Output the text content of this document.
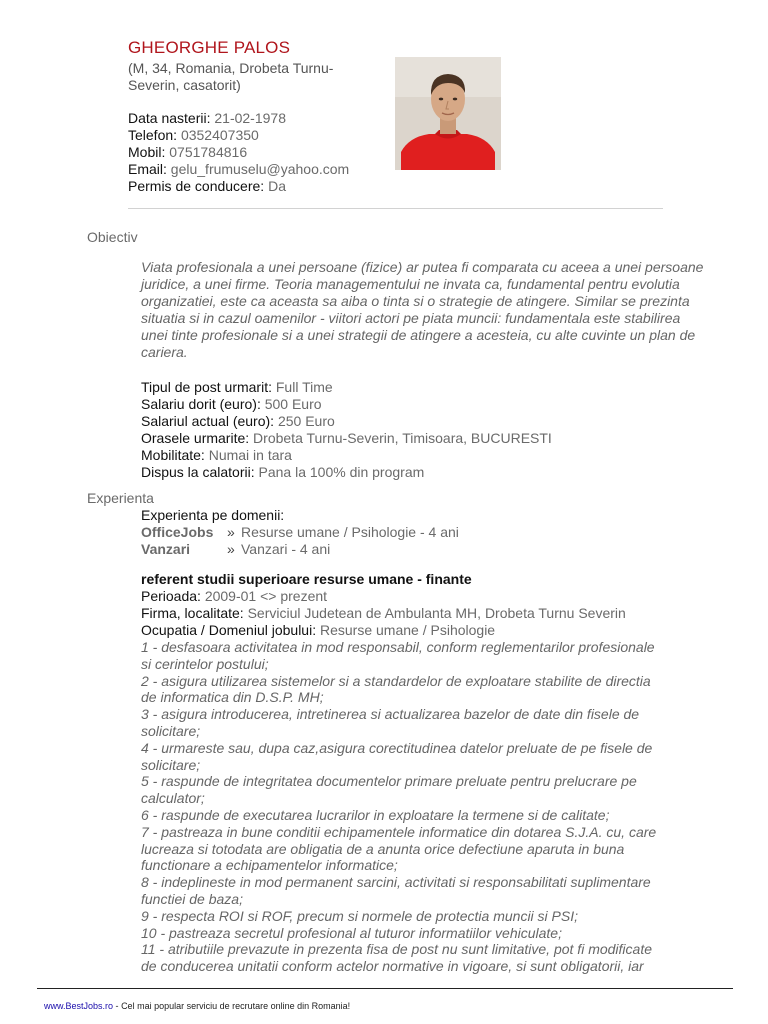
GHEORGHE PALOS
(M, 34, Romania, Drobeta Turnu-Severin, casatorit)
Data nasterii: 21-02-1978
Telefon: 0352407350
Mobil: 0751784816
Email: gelu_frumuselu@yahoo.com
Permis de conducere: Da
Obiectiv
Viata profesionala a unei persoane (fizice) ar putea fi comparata cu aceea a unei persoane juridice, a unei firme. Teoria managementului ne invata ca, fundamental pentru evolutia organizatiei, este ca aceasta sa aiba o tinta si o strategie de atingere. Similar se prezinta situatia si in cazul oamenilor - viitori actori pe piata muncii: fundamentala este stabilirea unei tinte profesionale si a unei strategii de atingere a acesteia, cu alte cuvinte un plan de cariera.
Tipul de post urmarit: Full Time
Salariu dorit (euro): 500 Euro
Salariul actual (euro): 250 Euro
Orasele urmarite: Drobeta Turnu-Severin, Timisoara, BUCURESTI
Mobilitate: Numai in tara
Dispus la calatorii: Pana la 100% din program
Experienta
Experienta pe domenii:
OfficeJobs » Resurse umane / Psihologie - 4 ani
Vanzari	» Vanzari - 4 ani
referent studii superioare resurse umane - finante
Perioada: 2009-01 <> prezent
Firma, localitate: Serviciul Judetean de Ambulanta MH, Drobeta Turnu Severin
Ocupatia / Domeniul jobului: Resurse umane / Psihologie
1 - desfasoara activitatea in mod responsabil, conform reglementarilor profesionale
si cerintelor postului;
2 - asigura utilizarea sistemelor si a standardelor de exploatare stabilite de directia
de informatica din D.S.P. MH;
3 - asigura introducerea, intretinerea si actualizarea bazelor de date din fisele de
solicitare;
4 - urmareste sau, dupa caz,asigura corectitudinea datelor preluate de pe fisele de
solicitare;
5 - raspunde de integritatea documentelor primare preluate pentru prelucrare pe
calculator;
6 - raspunde de executarea lucrarilor in exploatare la termene si de calitate;
7 - pastreaza in bune conditii echipamentele informatice din dotarea S.J.A. cu, care
lucreaza si totodata are obligatia de a anunta orice defectiune aparuta in buna
functionare a echipamentelor informatice;
8 - indeplineste in mod permanent sarcini, activitati si responsabilitati suplimentare
functiei de baza;
9 - respecta ROI si ROF, precum si normele de protectia muncii si PSI;
10 - pastreaza secretul profesional al tuturor informatiilor vehiculate;
11 - atributiile prevazute in prezenta fisa de post nu sunt limitative, pot fi modificate
de conducerea unitatii conform actelor normative in vigoare, si sunt obligatorii, iar
www.BestJobs.ro - Cel mai popular serviciu de recrutare online din Romania!
